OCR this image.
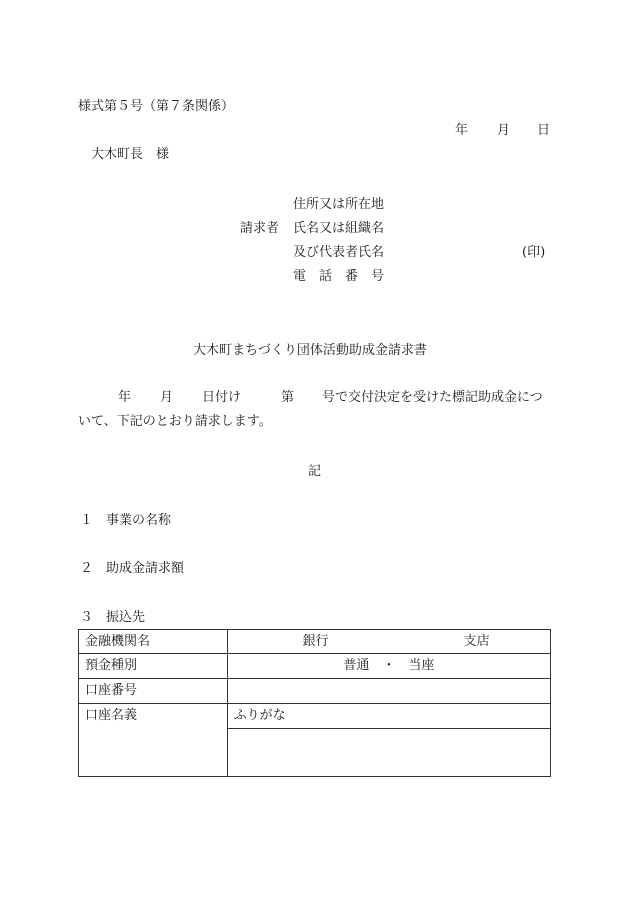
様式第５号（第７条関係）
年 月 日
大木町長　様
住所又は所在地
請求者 氏名又は組織名
及び代表者氏名	(印)
電　話　番　号
大木町まちづくり団体活動助成金請求書
年 月 日付け	第 号で交付決定を受けた標記助成金につ
いて、下記のとおり請求します。
記
１ 事業の名称
２ 助成金請求額
３ 振込先
金融機関名	銀行 支店

預金種別	普通　・　当座
口座番号	
口座名義	ふりがな
